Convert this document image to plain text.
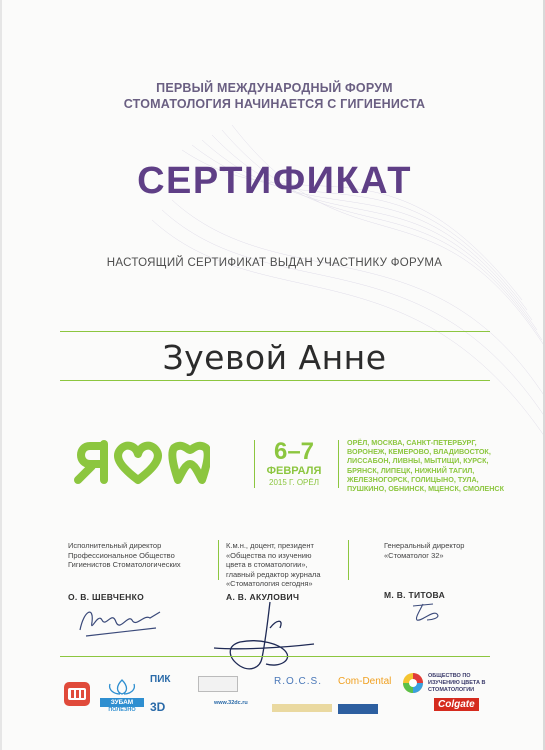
ПЕРВЫЙ МЕЖДУНАРОДНЫЙ ФОРУМ
СТОМАТОЛОГИЯ НАЧИНАЕТСЯ С ГИГИЕНИСТА
СЕРТИФИКАТ
НАСТОЯЩИЙ СЕРТИФИКАТ ВЫДАН УЧАСТНИКУ ФОРУМА
Зуевой Анне
6–7
ФЕВРАЛЯ
2015 Г. ОРЁЛ
ОРЁЛ, МОСКВА, САНКТ-ПЕТЕРБУРГ,
ВОРОНЕЖ, КЕМЕРОВО, ВЛАДИВОСТОК,
ЛИССАБОН, ЛИВНЫ, МЫТИЩИ, КУРСК,
БРЯНСК, ЛИПЕЦК, НИЖНИЙ ТАГИЛ,
ЖЕЛЕЗНОГОРСК, ГОЛИЦЫНО, ТУЛА,
ПУШКИНО, ОБНИНСК, МЦЕНСК, СМОЛЕНСК
Исполнительный директор
Профессиональное Общество
Гигиенистов Стоматологических
О. В. ШЕВЧЕНКО
К.м.н., доцент, президент
«Общества по изучению
цвета в стоматологии»,
главный редактор журнала
«Стоматология сегодня»
А. В. АКУЛОВИЧ
Генеральный директор
«Стоматолог 32»
М. В. ТИТОВА
ЗУБАМ
ПОЛЕЗНО
ПИК
3D	www.32dc.ru
R.O.C.S. Com-Dental	ОБЩЕСТВО ПО ИЗУЧЕНИЮ ЦВЕТА В СТОМАТОЛОГИИ
Colgate
